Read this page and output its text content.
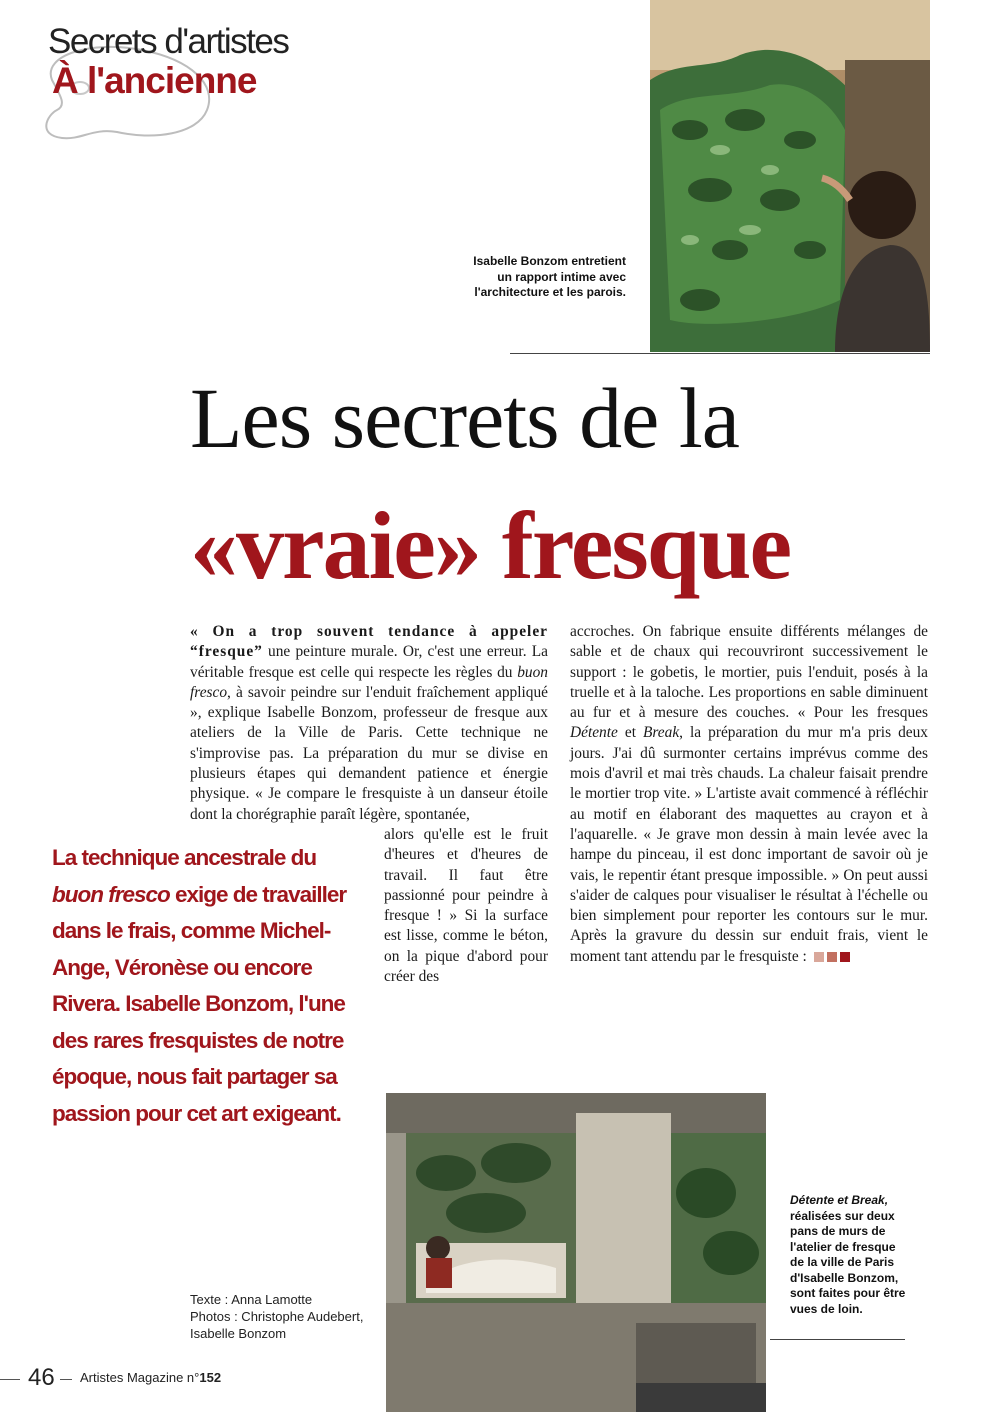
Secrets d'artistes
À l'ancienne
Isabelle Bonzom entretient un rapport intime avec l'architecture et les parois.
Les secrets de la
«vraie» fresque

« On a trop souvent tendance à appeler “fresque” une peinture murale. Or, c'est une erreur. La véritable fresque est celle qui respecte les règles du buon fresco, à savoir peindre sur l'enduit fraîchement appliqué », explique Isabelle Bonzom, professeur de fresque aux ateliers de la Ville de Paris. Cette technique ne s'improvise pas. La préparation du mur se divise en plusieurs étapes qui demandent patience et énergie physique. « Je compare le fresquiste à un danseur étoile dont la chorégraphie paraît légère, spontanée,

alors qu'elle est le fruit d'heures et d'heures de travail. Il faut être passionné pour peindre à fresque ! » Si la surface est lisse, comme le béton, on la pique d'abord pour créer des

accroches. On fabrique ensuite différents mélanges de sable et de chaux qui recouvriront successivement le support : le gobetis, le mortier, puis l'enduit, posés à la truelle et à la taloche. Les proportions en sable diminuent au fur et à mesure des couches. « Pour les fresques Détente et Break, la préparation du mur m'a pris deux jours. J'ai dû surmonter certains imprévus comme des mois d'avril et mai très chauds. La chaleur faisait prendre le mortier trop vite. » L'artiste avait commencé à réfléchir au motif en élaborant des maquettes au crayon et à l'aquarelle. « Je grave mon dessin à main levée avec la hampe du pinceau, il est donc important de savoir où je vais, le repentir étant presque impossible. » On peut aussi s'aider de calques pour visualiser le résultat à l'échelle ou bien simplement pour reporter les contours sur le mur. Après la gravure du dessin sur enduit frais, vient le moment tant attendu par le fresquiste :

La technique ancestrale du buon fresco exige de travailler dans le frais, comme Michel-Ange, Véronèse ou encore Rivera. Isabelle Bonzom, l'une des rares fresquistes de notre époque, nous fait partager sa passion pour cet art exigeant.
Détente et Break, réalisées sur deux pans de murs de l'atelier de fresque de la ville de Paris d'Isabelle Bonzom, sont faites pour être vues de loin.
Texte : Anna Lamotte
Photos : Christophe Audebert,
Isabelle Bonzom
46 Artistes Magazine n°152
